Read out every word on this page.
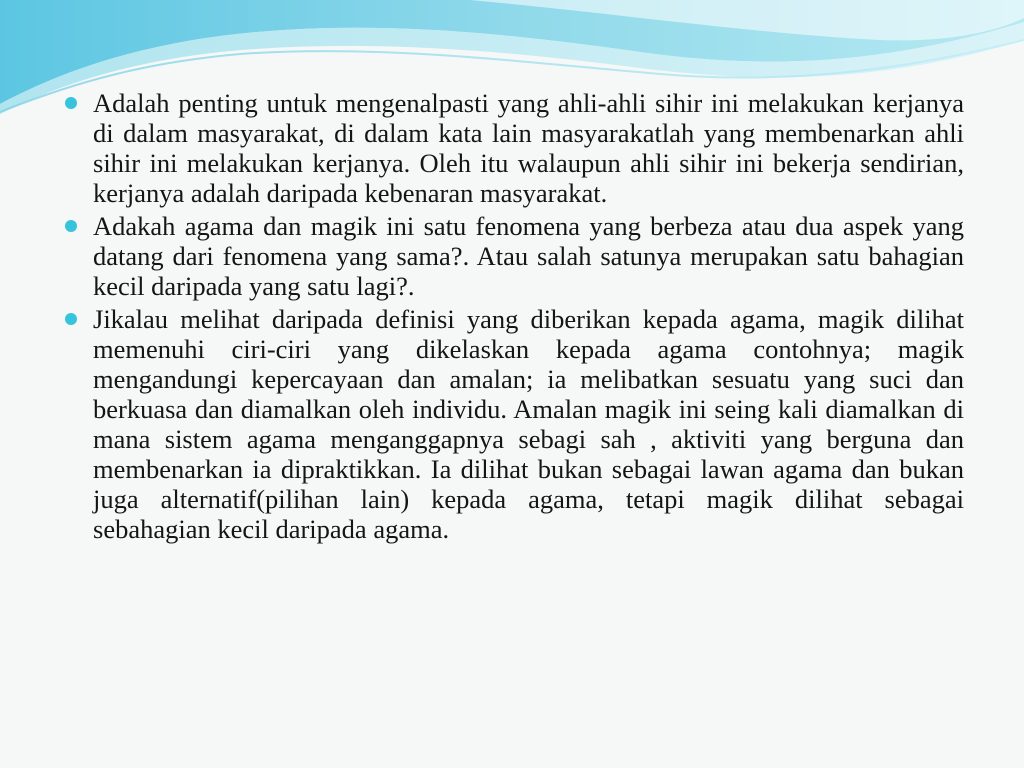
Adalah penting untuk mengenalpasti yang ahli-ahli sihir ini melakukan kerjanya di dalam masyarakat, di dalam kata lain masyarakatlah yang membenarkan ahli sihir ini melakukan kerjanya. Oleh itu walaupun ahli sihir ini bekerja sendirian, kerjanya adalah daripada kebenaran masyarakat.
Adakah agama dan magik ini satu fenomena yang berbeza atau dua aspek yang datang dari fenomena yang sama?. Atau salah satunya merupakan satu bahagian kecil daripada yang satu lagi?.
Jikalau melihat daripada definisi yang diberikan kepada agama, magik dilihat memenuhi ciri-ciri yang dikelaskan kepada agama contohnya; magik mengandungi kepercayaan dan amalan; ia melibatkan sesuatu yang suci dan berkuasa dan diamalkan oleh individu. Amalan magik ini seing kali diamalkan di mana sistem agama menganggapnya sebagi sah , aktiviti yang berguna dan membenarkan ia dipraktikkan. Ia dilihat bukan sebagai lawan agama dan bukan juga alternatif(pilihan lain) kepada agama, tetapi magik dilihat sebagai sebahagian kecil daripada agama.
